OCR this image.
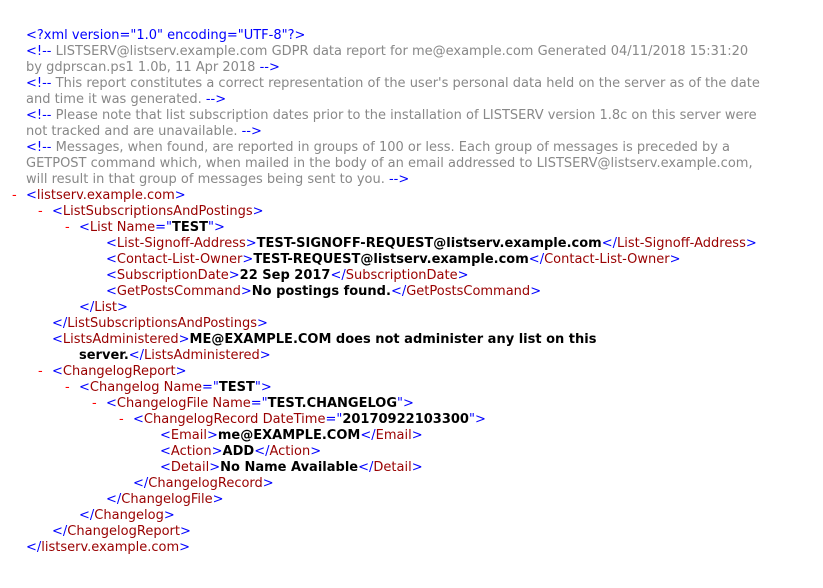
<?xml version="1.0" encoding="UTF-8"?>
<!-- LISTSERV@listserv.example.com GDPR data report for me@example.com Generated 04/11/2018 15:31:20
by gdprscan.ps1 1.0b, 11 Apr 2018 -->
<!-- This report constitutes a correct representation of the user's personal data held on the server as of the date
and time it was generated. -->
<!-- Please note that list subscription dates prior to the installation of LISTSERV version 1.8c on this server were
not tracked and are unavailable. -->
<!-- Messages, when found, are reported in groups of 100 or less. Each group of messages is preceded by a
GETPOST command which, when mailed in the body of an email addressed to LISTSERV@listserv.example.com,
will result in that group of messages being sent to you. -->
- <listserv.example.com>
- <ListSubscriptionsAndPostings>
- <List Name="TEST">
<List-Signoff-Address>TEST-SIGNOFF-REQUEST@listserv.example.com</List-Signoff-Address>
<Contact-List-Owner>TEST-REQUEST@listserv.example.com</Contact-List-Owner>
<SubscriptionDate>22 Sep 2017</SubscriptionDate>
<GetPostsCommand>No postings found.</GetPostsCommand>
</List>
</ListSubscriptionsAndPostings>
<ListsAdministered>ME@EXAMPLE.COM does not administer any list on this
server.</ListsAdministered>
- <ChangelogReport>
- <Changelog Name="TEST">
- <ChangelogFile Name="TEST.CHANGELOG">
- <ChangelogRecord DateTime="20170922103300">
<Email>me@EXAMPLE.COM</Email>
<Action>ADD</Action>
<Detail>No Name Available</Detail>
</ChangelogRecord>
</ChangelogFile>
</Changelog>
</ChangelogReport>
</listserv.example.com>
